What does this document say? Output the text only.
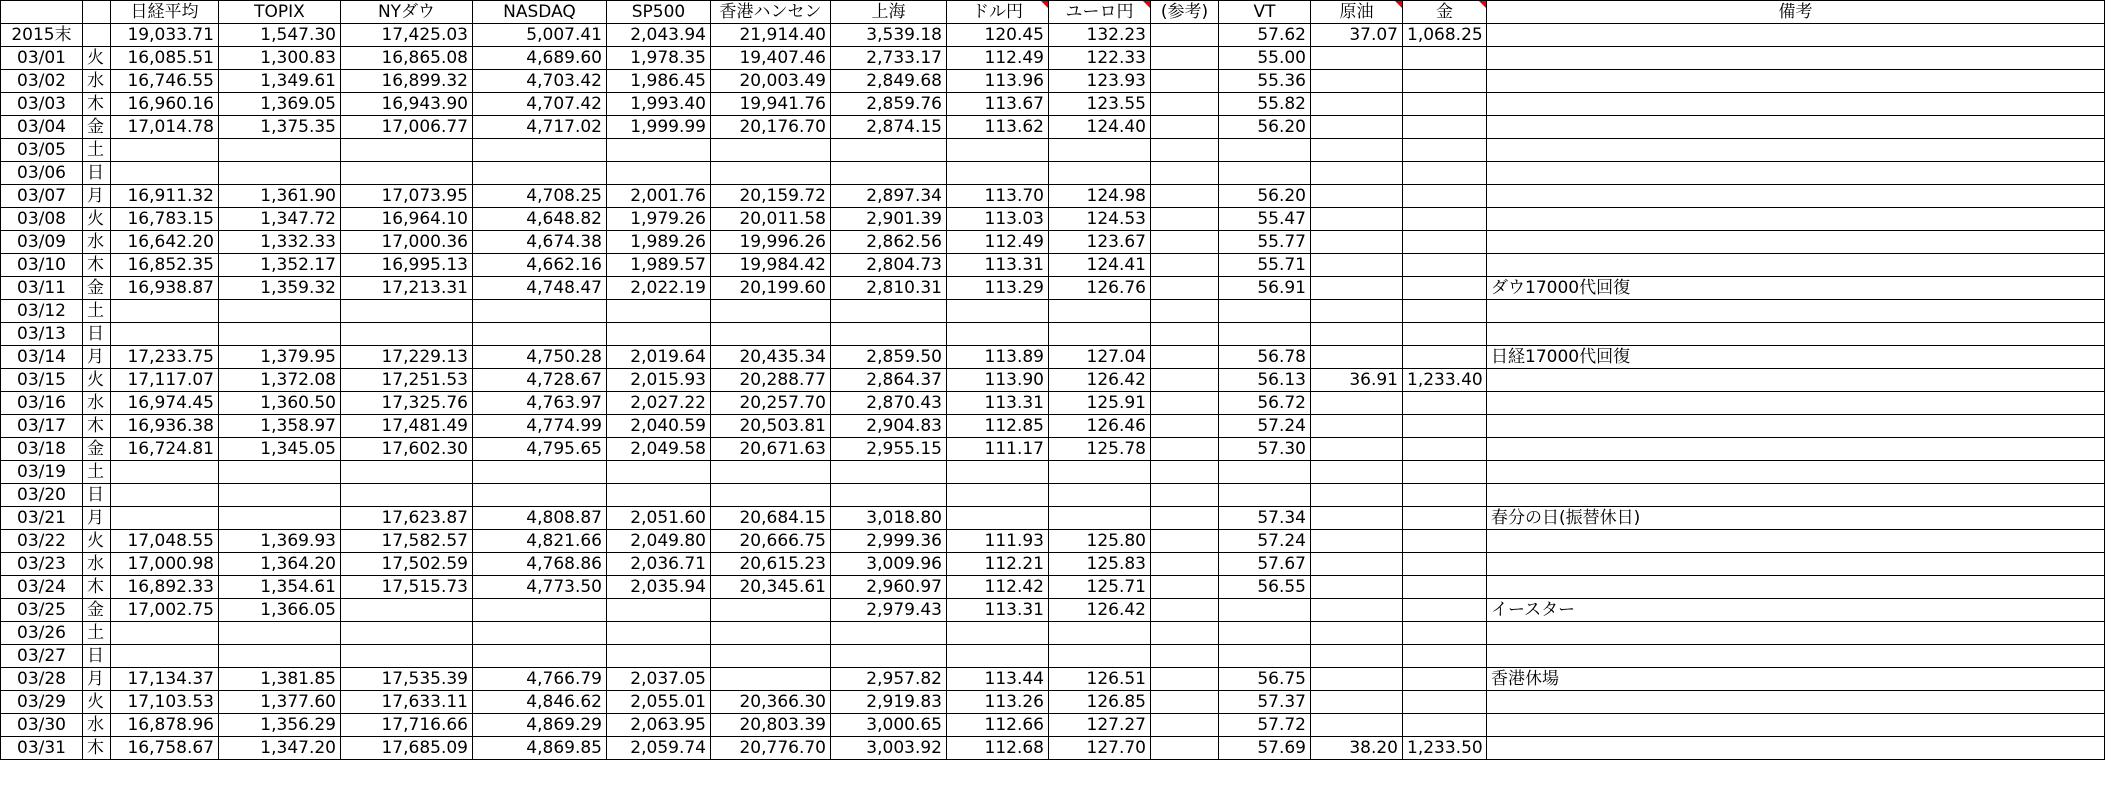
		日経平均	TOPIX	NYダウ	NASDAQ	SP500	香港ハンセン	上海	ドル円	ユーロ円	(参考)	VT	原油	金	備考
2015末		19,033.71	1,547.30	17,425.03	5,007.41	2,043.94	21,914.40	3,539.18	120.45	132.23		57.62	37.07	1,068.25	
03/01	火	16,085.51	1,300.83	16,865.08	4,689.60	1,978.35	19,407.46	2,733.17	112.49	122.33		55.00			
03/02	水	16,746.55	1,349.61	16,899.32	4,703.42	1,986.45	20,003.49	2,849.68	113.96	123.93		55.36			
03/03	木	16,960.16	1,369.05	16,943.90	4,707.42	1,993.40	19,941.76	2,859.76	113.67	123.55		55.82			
03/04	金	17,014.78	1,375.35	17,006.77	4,717.02	1,999.99	20,176.70	2,874.15	113.62	124.40		56.20			
03/05	土														
03/06	日														
03/07	月	16,911.32	1,361.90	17,073.95	4,708.25	2,001.76	20,159.72	2,897.34	113.70	124.98		56.20			
03/08	火	16,783.15	1,347.72	16,964.10	4,648.82	1,979.26	20,011.58	2,901.39	113.03	124.53		55.47			
03/09	水	16,642.20	1,332.33	17,000.36	4,674.38	1,989.26	19,996.26	2,862.56	112.49	123.67		55.77			
03/10	木	16,852.35	1,352.17	16,995.13	4,662.16	1,989.57	19,984.42	2,804.73	113.31	124.41		55.71			
03/11	金	16,938.87	1,359.32	17,213.31	4,748.47	2,022.19	20,199.60	2,810.31	113.29	126.76		56.91			ダウ17000代回復
03/12	土														
03/13	日														
03/14	月	17,233.75	1,379.95	17,229.13	4,750.28	2,019.64	20,435.34	2,859.50	113.89	127.04		56.78			日経17000代回復
03/15	火	17,117.07	1,372.08	17,251.53	4,728.67	2,015.93	20,288.77	2,864.37	113.90	126.42		56.13	36.91	1,233.40	
03/16	水	16,974.45	1,360.50	17,325.76	4,763.97	2,027.22	20,257.70	2,870.43	113.31	125.91		56.72			
03/17	木	16,936.38	1,358.97	17,481.49	4,774.99	2,040.59	20,503.81	2,904.83	112.85	126.46		57.24			
03/18	金	16,724.81	1,345.05	17,602.30	4,795.65	2,049.58	20,671.63	2,955.15	111.17	125.78		57.30			
03/19	土														
03/20	日														
03/21	月			17,623.87	4,808.87	2,051.60	20,684.15	3,018.80				57.34			春分の日(振替休日)
03/22	火	17,048.55	1,369.93	17,582.57	4,821.66	2,049.80	20,666.75	2,999.36	111.93	125.80		57.24			
03/23	水	17,000.98	1,364.20	17,502.59	4,768.86	2,036.71	20,615.23	3,009.96	112.21	125.83		57.67			
03/24	木	16,892.33	1,354.61	17,515.73	4,773.50	2,035.94	20,345.61	2,960.97	112.42	125.71		56.55			
03/25	金	17,002.75	1,366.05					2,979.43	113.31	126.42					イースター
03/26	土														
03/27	日														
03/28	月	17,134.37	1,381.85	17,535.39	4,766.79	2,037.05		2,957.82	113.44	126.51		56.75			香港休場
03/29	火	17,103.53	1,377.60	17,633.11	4,846.62	2,055.01	20,366.30	2,919.83	113.26	126.85		57.37			
03/30	水	16,878.96	1,356.29	17,716.66	4,869.29	2,063.95	20,803.39	3,000.65	112.66	127.27		57.72			
03/31	木	16,758.67	1,347.20	17,685.09	4,869.85	2,059.74	20,776.70	3,003.92	112.68	127.70		57.69	38.20	1,233.50	
